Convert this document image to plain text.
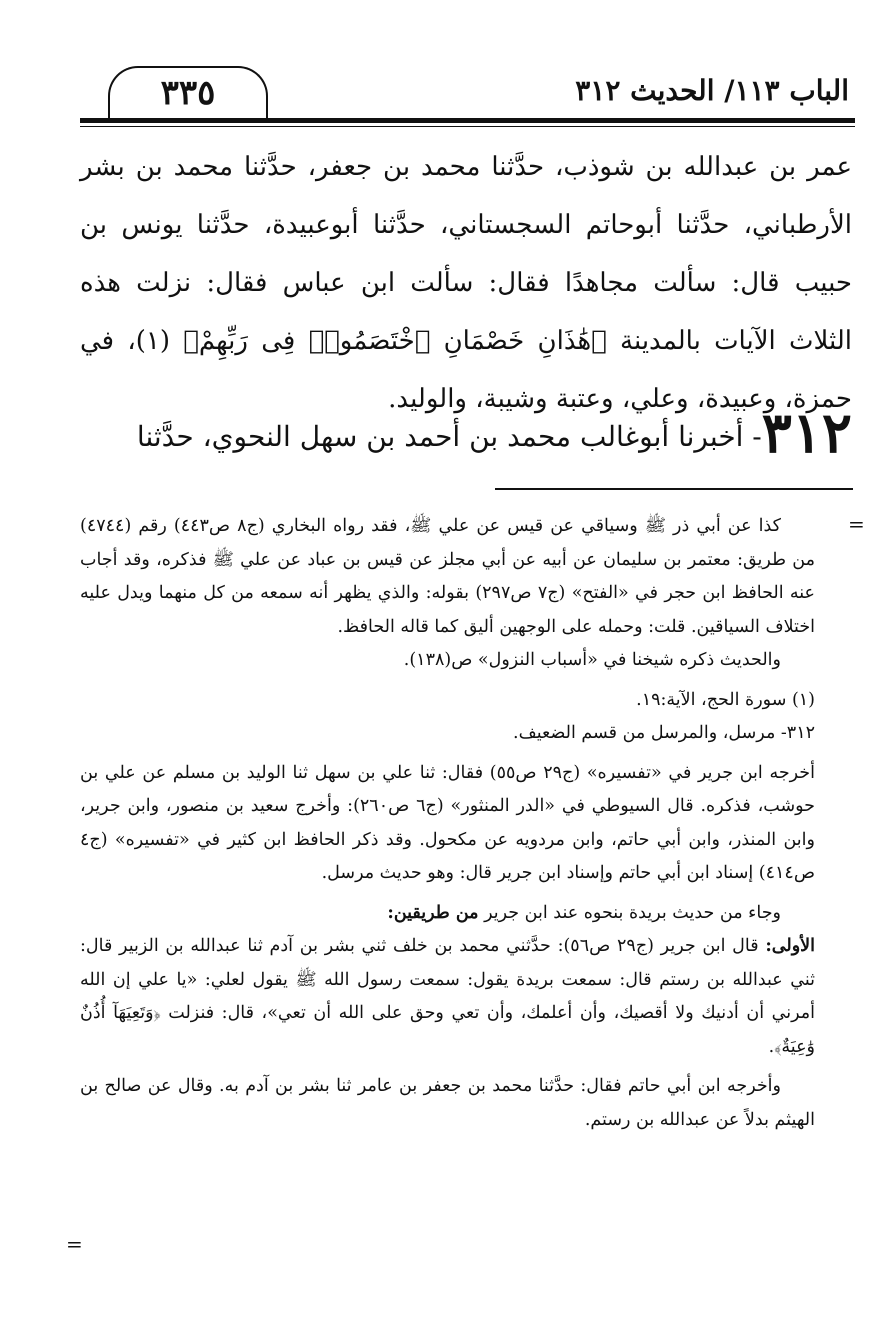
٣٣٥	الباب ١١٣/ الحديث ٣١٢

عمر بن عبدالله بن شوذب، حدَّثنا محمد بن جعفر، حدَّثنا محمد بن بشر الأرطباني، حدَّثنا أبوحاتم السجستاني، حدَّثنا أبوعبيدة، حدَّثنا يونس بن حبيب قال: سألت مجاهدًا فقال: سألت ابن عباس فقال: نزلت هذه الثلاث الآيات بالمدينة ﴿هَٰذَانِ خَصْمَانِ ٱخْتَصَمُوا۟ فِى رَبِّهِمْ﴾ (١)، في حمزة، وعبيدة، وعلي، وعتبة وشيبة، والوليد.

٣١٢- أخبرنا أبوغالب محمد بن أحمد بن سهل النحوي، حدَّثنا
=
=

كذا عن أبي ذر ﷺ وسياقي عن قيس عن علي ﷺ، فقد رواه البخاري (ج٨ ص٤٤٣) رقم (٤٧٤٤) من طريق: معتمر بن سليمان عن أبيه عن أبي مجلز عن قيس بن عباد عن علي ﷺ فذكره، وقد أجاب عنه الحافظ ابن حجر في «الفتح» (ج٧ ص٢٩٧) بقوله: والذي يظهر أنه سمعه من كل منهما ويدل عليه اختلاف السياقين. قلت: وحمله على الوجهين أليق كما قاله الحافظ.

والحديث ذكره شيخنا في «أسباب النزول» ص(١٣٨).

(١) سورة الحج، الآية:١٩.

٣١٢- مرسل، والمرسل من قسم الضعيف.

أخرجه ابن جرير في «تفسيره» (ج٢٩ ص٥٥) فقال: ثنا علي بن سهل ثنا الوليد بن مسلم عن علي بن حوشب، فذكره. قال السيوطي في «الدر المنثور» (ج٦ ص٢٦٠): وأخرج سعيد بن منصور، وابن جرير، وابن المنذر، وابن أبي حاتم، وابن مردويه عن مكحول. وقد ذكر الحافظ ابن كثير في «تفسيره» (ج٤ ص٤١٤) إسناد ابن أبي حاتم وإسناد ابن جرير قال: وهو حديث مرسل.

وجاء من حديث بريدة بنحوه عند ابن جرير من طريقين:

الأولى: قال ابن جرير (ج٢٩ ص٥٦): حدَّثني محمد بن خلف ثني بشر بن آدم ثنا عبدالله بن الزبير قال: ثني عبدالله بن رستم قال: سمعت بريدة يقول: سمعت رسول الله ﷺ يقول لعلي: «يا علي إن الله أمرني أن أدنيك ولا أقصيك، وأن أعلمك، وأن تعي وحق على الله أن تعي»، قال: فنزلت ﴿وَتَعِيَهَآ أُذُنٌ وَٰعِيَةٌ﴾.

وأخرجه ابن أبي حاتم فقال: حدَّثنا محمد بن جعفر بن عامر ثنا بشر بن آدم به. وقال عن صالح بن الهيثم بدلاً عن عبدالله بن رستم.
